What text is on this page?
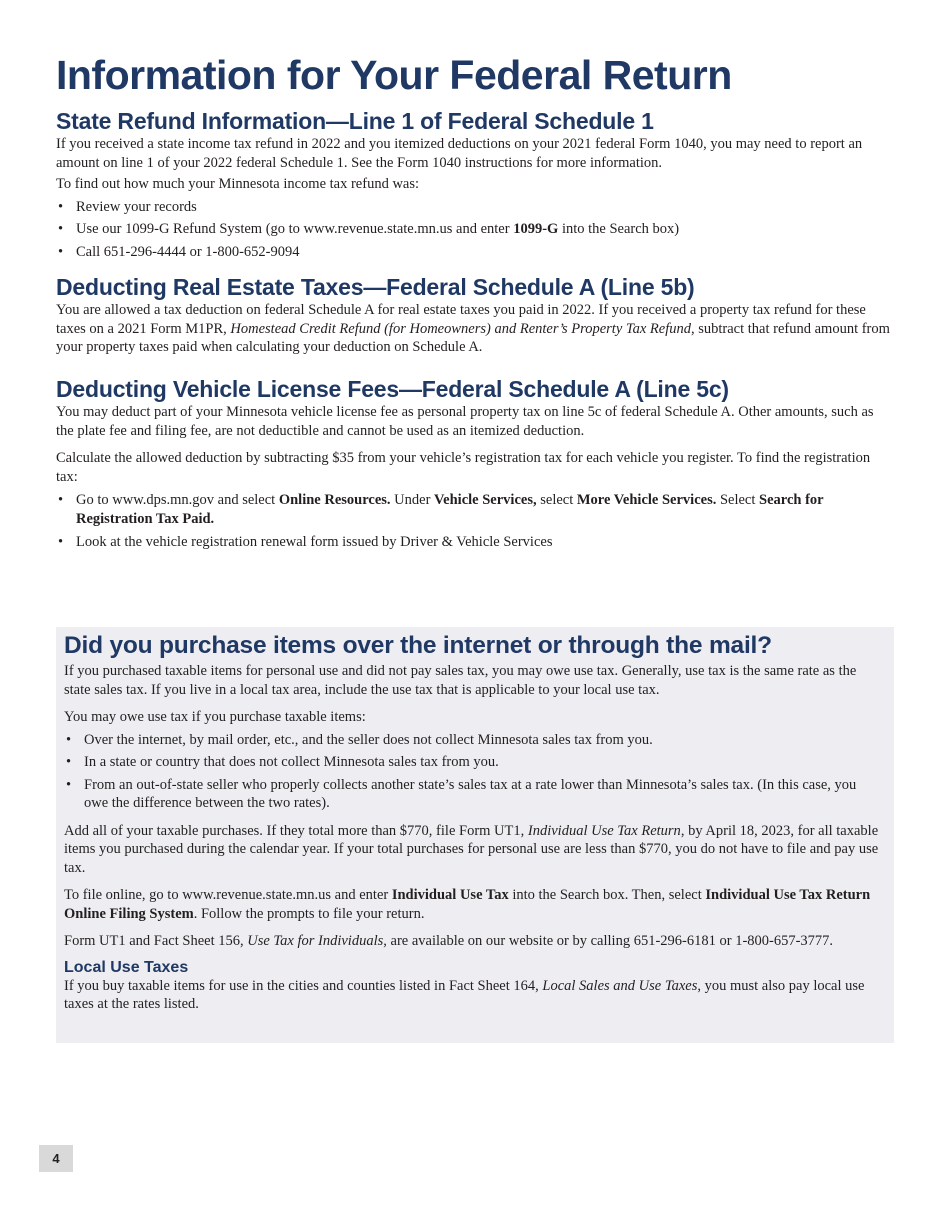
Information for Your Federal Return
State Refund Information—Line 1 of Federal Schedule 1

If you received a state income tax refund in 2022 and you itemized deductions on your 2021 federal Form 1040, you may need to report an amount on line 1 of your 2022 federal Schedule 1. See the Form 1040 instructions for more information.

To find out how much your Minnesota income tax refund was:

• Review your records
• Use our 1099-G Refund System (go to www.revenue.state.mn.us and enter 1099-G into the Search box)
• Call 651-296-4444 or 1-800-652-9094
Deducting Real Estate Taxes—Federal Schedule A (Line 5b)

You are allowed a tax deduction on federal Schedule A for real estate taxes you paid in 2022. If you received a property tax refund for these taxes on a 2021 Form M1PR, Homestead Credit Refund (for Homeowners) and Renter’s Property Tax Refund, subtract that refund amount from your property taxes paid when calculating your deduction on Schedule A.

Deducting Vehicle License Fees—Federal Schedule A (Line 5c)

You may deduct part of your Minnesota vehicle license fee as personal property tax on line 5c of federal Schedule A. Other amounts, such as the plate fee and filing fee, are not deductible and cannot be used as an itemized deduction.

Calculate the allowed deduction by subtracting $35 from your vehicle’s registration tax for each vehicle you register. To find the registration tax:

• Go to www.dps.mn.gov and select Online Resources. Under Vehicle Services, select More Vehicle Services. Select Search for Registration Tax Paid.
• Look at the vehicle registration renewal form issued by Driver & Vehicle Services
Did you purchase items over the internet or through the mail?

If you purchased taxable items for personal use and did not pay sales tax, you may owe use tax. Generally, use tax is the same rate as the state sales tax. If you live in a local tax area, include the use tax that is applicable to your local use tax.

You may owe use tax if you purchase taxable items:

• Over the internet, by mail order, etc., and the seller does not collect Minnesota sales tax from you.
• In a state or country that does not collect Minnesota sales tax from you.
• From an out-of-state seller who properly collects another state’s sales tax at a rate lower than Minnesota’s sales tax. (In this case, you owe the difference between the two rates).

Add all of your taxable purchases. If they total more than $770, file Form UT1, Individual Use Tax Return, by April 18, 2023, for all taxable items you purchased during the calendar year. If your total purchases for personal use are less than $770, you do not have to file and pay use tax.

To file online, go to www.revenue.state.mn.us and enter Individual Use Tax into the Search box. Then, select Individual Use Tax Return Online Filing System. Follow the prompts to file your return.

Form UT1 and Fact Sheet 156, Use Tax for Individuals, are available on our website or by calling 651-296-6181 or 1-800-657-3777.

Local Use Taxes

If you buy taxable items for use in the cities and counties listed in Fact Sheet 164, Local Sales and Use Taxes, you must also pay local use taxes at the rates listed.

4
